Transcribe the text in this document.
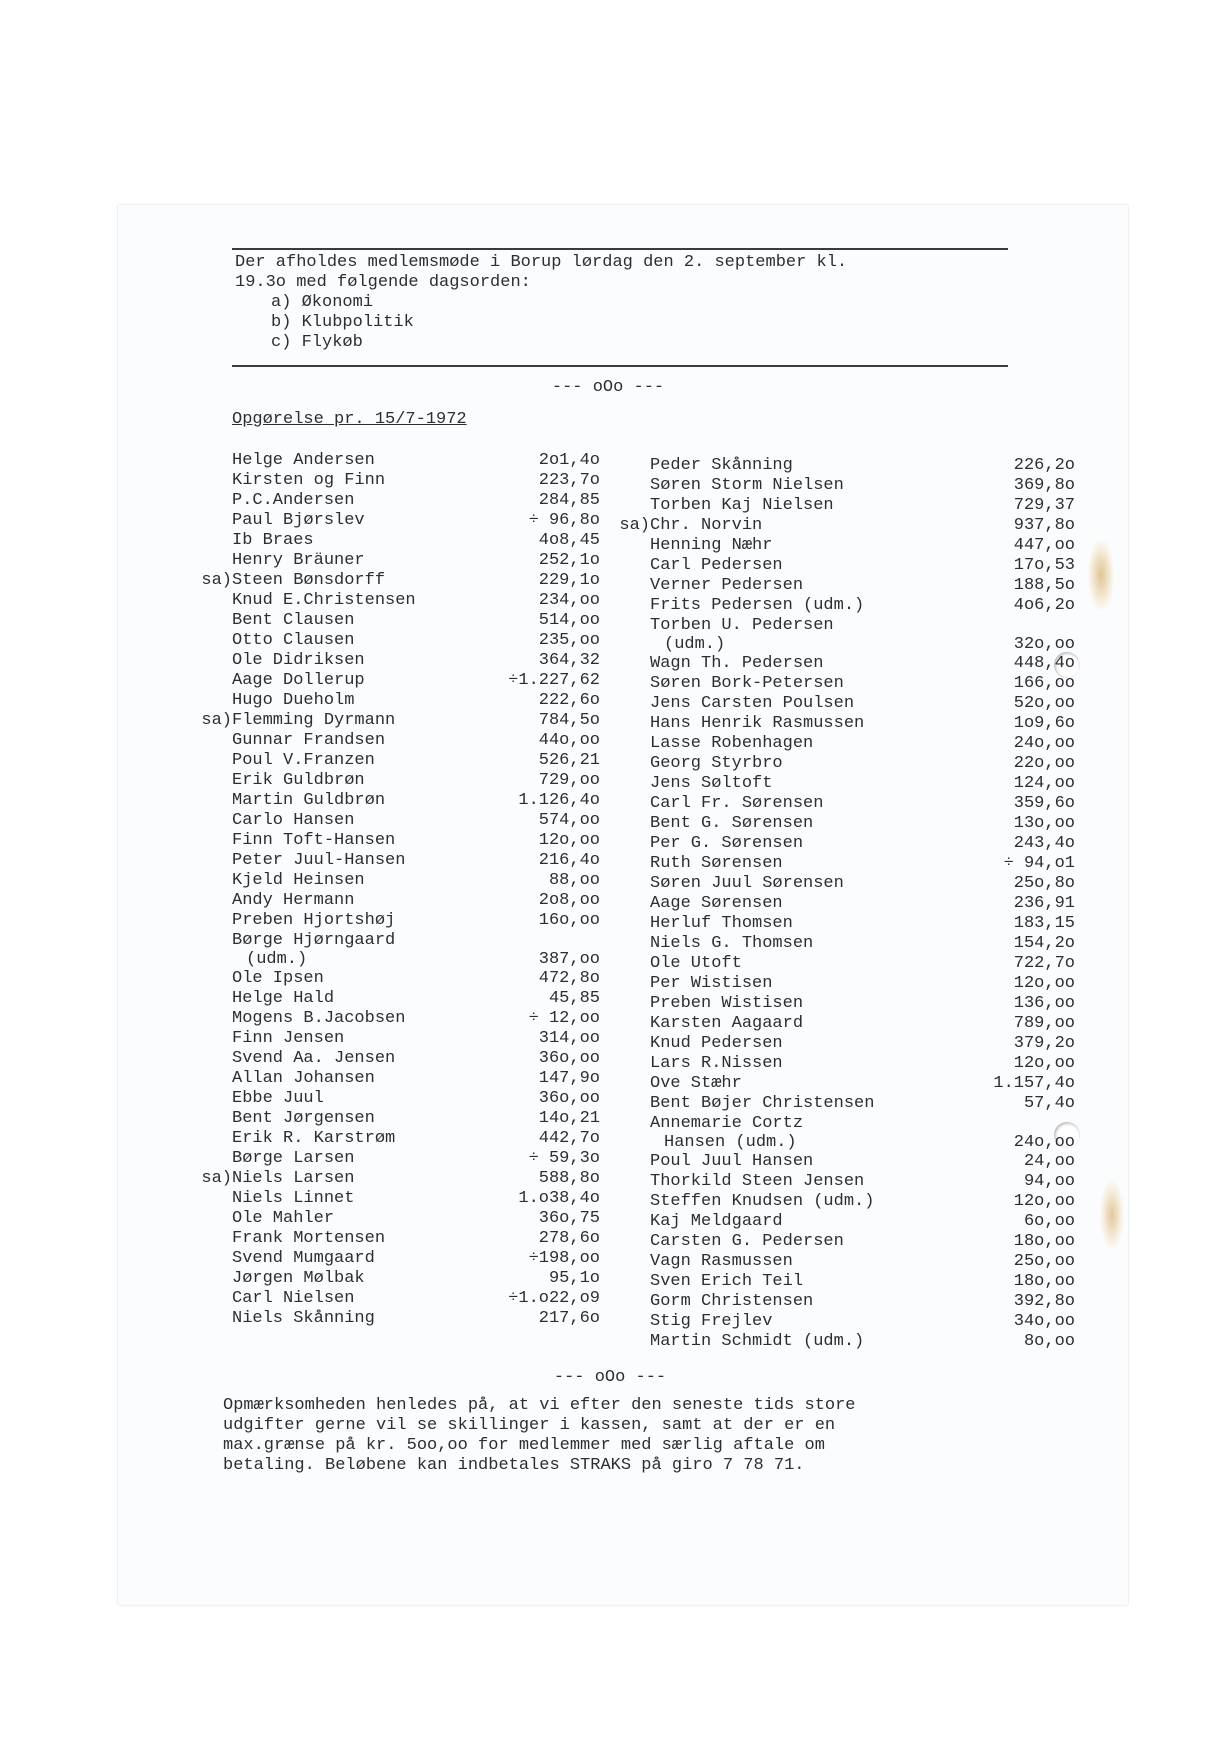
Der afholdes medlemsmøde i Borup lørdag den 2. september kl.
19.3o med følgende dagsorden:
a) Økonomi
b) Klubpolitik
c) Flykøb
--- oOo ---
Opgørelse pr. 15/7-1972
Helge Andersen	2o1,4o
Kirsten og Finn	223,7o
P.C.Andersen	284,85
Paul Bjørslev	÷ 96,8o
Ib Braes	4o8,45
Henry Bräuner	252,1o
sa) Steen Bønsdorff	229,1o
Knud E.Christensen	234,oo
Bent Clausen	514,oo
Otto Clausen	235,oo
Ole Didriksen	364,32
Aage Dollerup	÷1.227,62
Hugo Dueholm	222,6o
sa) Flemming Dyrmann	784,5o
Gunnar Frandsen	44o,oo
Poul V.Franzen	526,21
Erik Guldbrøn	729,oo
Martin Guldbrøn	1.126,4o
Carlo Hansen	574,oo
Finn Toft-Hansen	12o,oo
Peter Juul-Hansen	216,4o
Kjeld Heinsen	88,oo
Andy Hermann	2o8,oo
Preben Hjortshøj	16o,oo
Børge Hjørngaard
(udm.)	387,oo
Ole Ipsen	472,8o
Helge Hald	45,85
Mogens B.Jacobsen	÷ 12,oo
Finn Jensen	314,oo
Svend Aa. Jensen	36o,oo
Allan Johansen	147,9o
Ebbe Juul	36o,oo
Bent Jørgensen	14o,21
Erik R. Karstrøm	442,7o
Børge Larsen	÷ 59,3o
sa) Niels Larsen	588,8o
Niels Linnet	1.o38,4o
Ole Mahler	36o,75
Frank Mortensen	278,6o
Svend Mumgaard	÷198,oo
Jørgen Mølbak	95,1o
Carl Nielsen	÷1.o22,o9
Niels Skånning	217,6o
Peder Skånning	226,2o
Søren Storm Nielsen	369,8o
Torben Kaj Nielsen	729,37
sa) Chr. Norvin	937,8o
Henning Næhr	447,oo
Carl Pedersen	17o,53
Verner Pedersen	188,5o
Frits Pedersen (udm.)	4o6,2o
Torben U. Pedersen
(udm.)	32o,oo
Wagn Th. Pedersen	448,4o
Søren Bork-Petersen	166,oo
Jens Carsten Poulsen	52o,oo
Hans Henrik Rasmussen	1o9,6o
Lasse Robenhagen	24o,oo
Georg Styrbro	22o,oo
Jens Søltoft	124,oo
Carl Fr. Sørensen	359,6o
Bent G. Sørensen	13o,oo
Per G. Sørensen	243,4o
Ruth Sørensen	÷ 94,o1
Søren Juul Sørensen	25o,8o
Aage Sørensen	236,91
Herluf Thomsen	183,15
Niels G. Thomsen	154,2o
Ole Utoft	722,7o
Per Wistisen	12o,oo
Preben Wistisen	136,oo
Karsten Aagaard	789,oo
Knud Pedersen	379,2o
Lars R.Nissen	12o,oo
Ove Stæhr	1.157,4o
Bent Bøjer Christensen	57,4o
Annemarie Cortz
Hansen (udm.)	24o,oo
Poul Juul Hansen	24,oo
Thorkild Steen Jensen	94,oo
Steffen Knudsen (udm.)	12o,oo
Kaj Meldgaard	6o,oo
Carsten G. Pedersen	18o,oo
Vagn Rasmussen	25o,oo
Sven Erich Teil	18o,oo
Gorm Christensen	392,8o
Stig Frejlev	34o,oo
Martin Schmidt (udm.)	8o,oo
--- oOo ---
Opmærksomheden henledes på, at vi efter den seneste tids store
udgifter gerne vil se skillinger i kassen, samt at der er en
max.grænse på kr. 5oo,oo for medlemmer med særlig aftale om
betaling. Beløbene kan indbetales STRAKS på giro 7 78 71.
